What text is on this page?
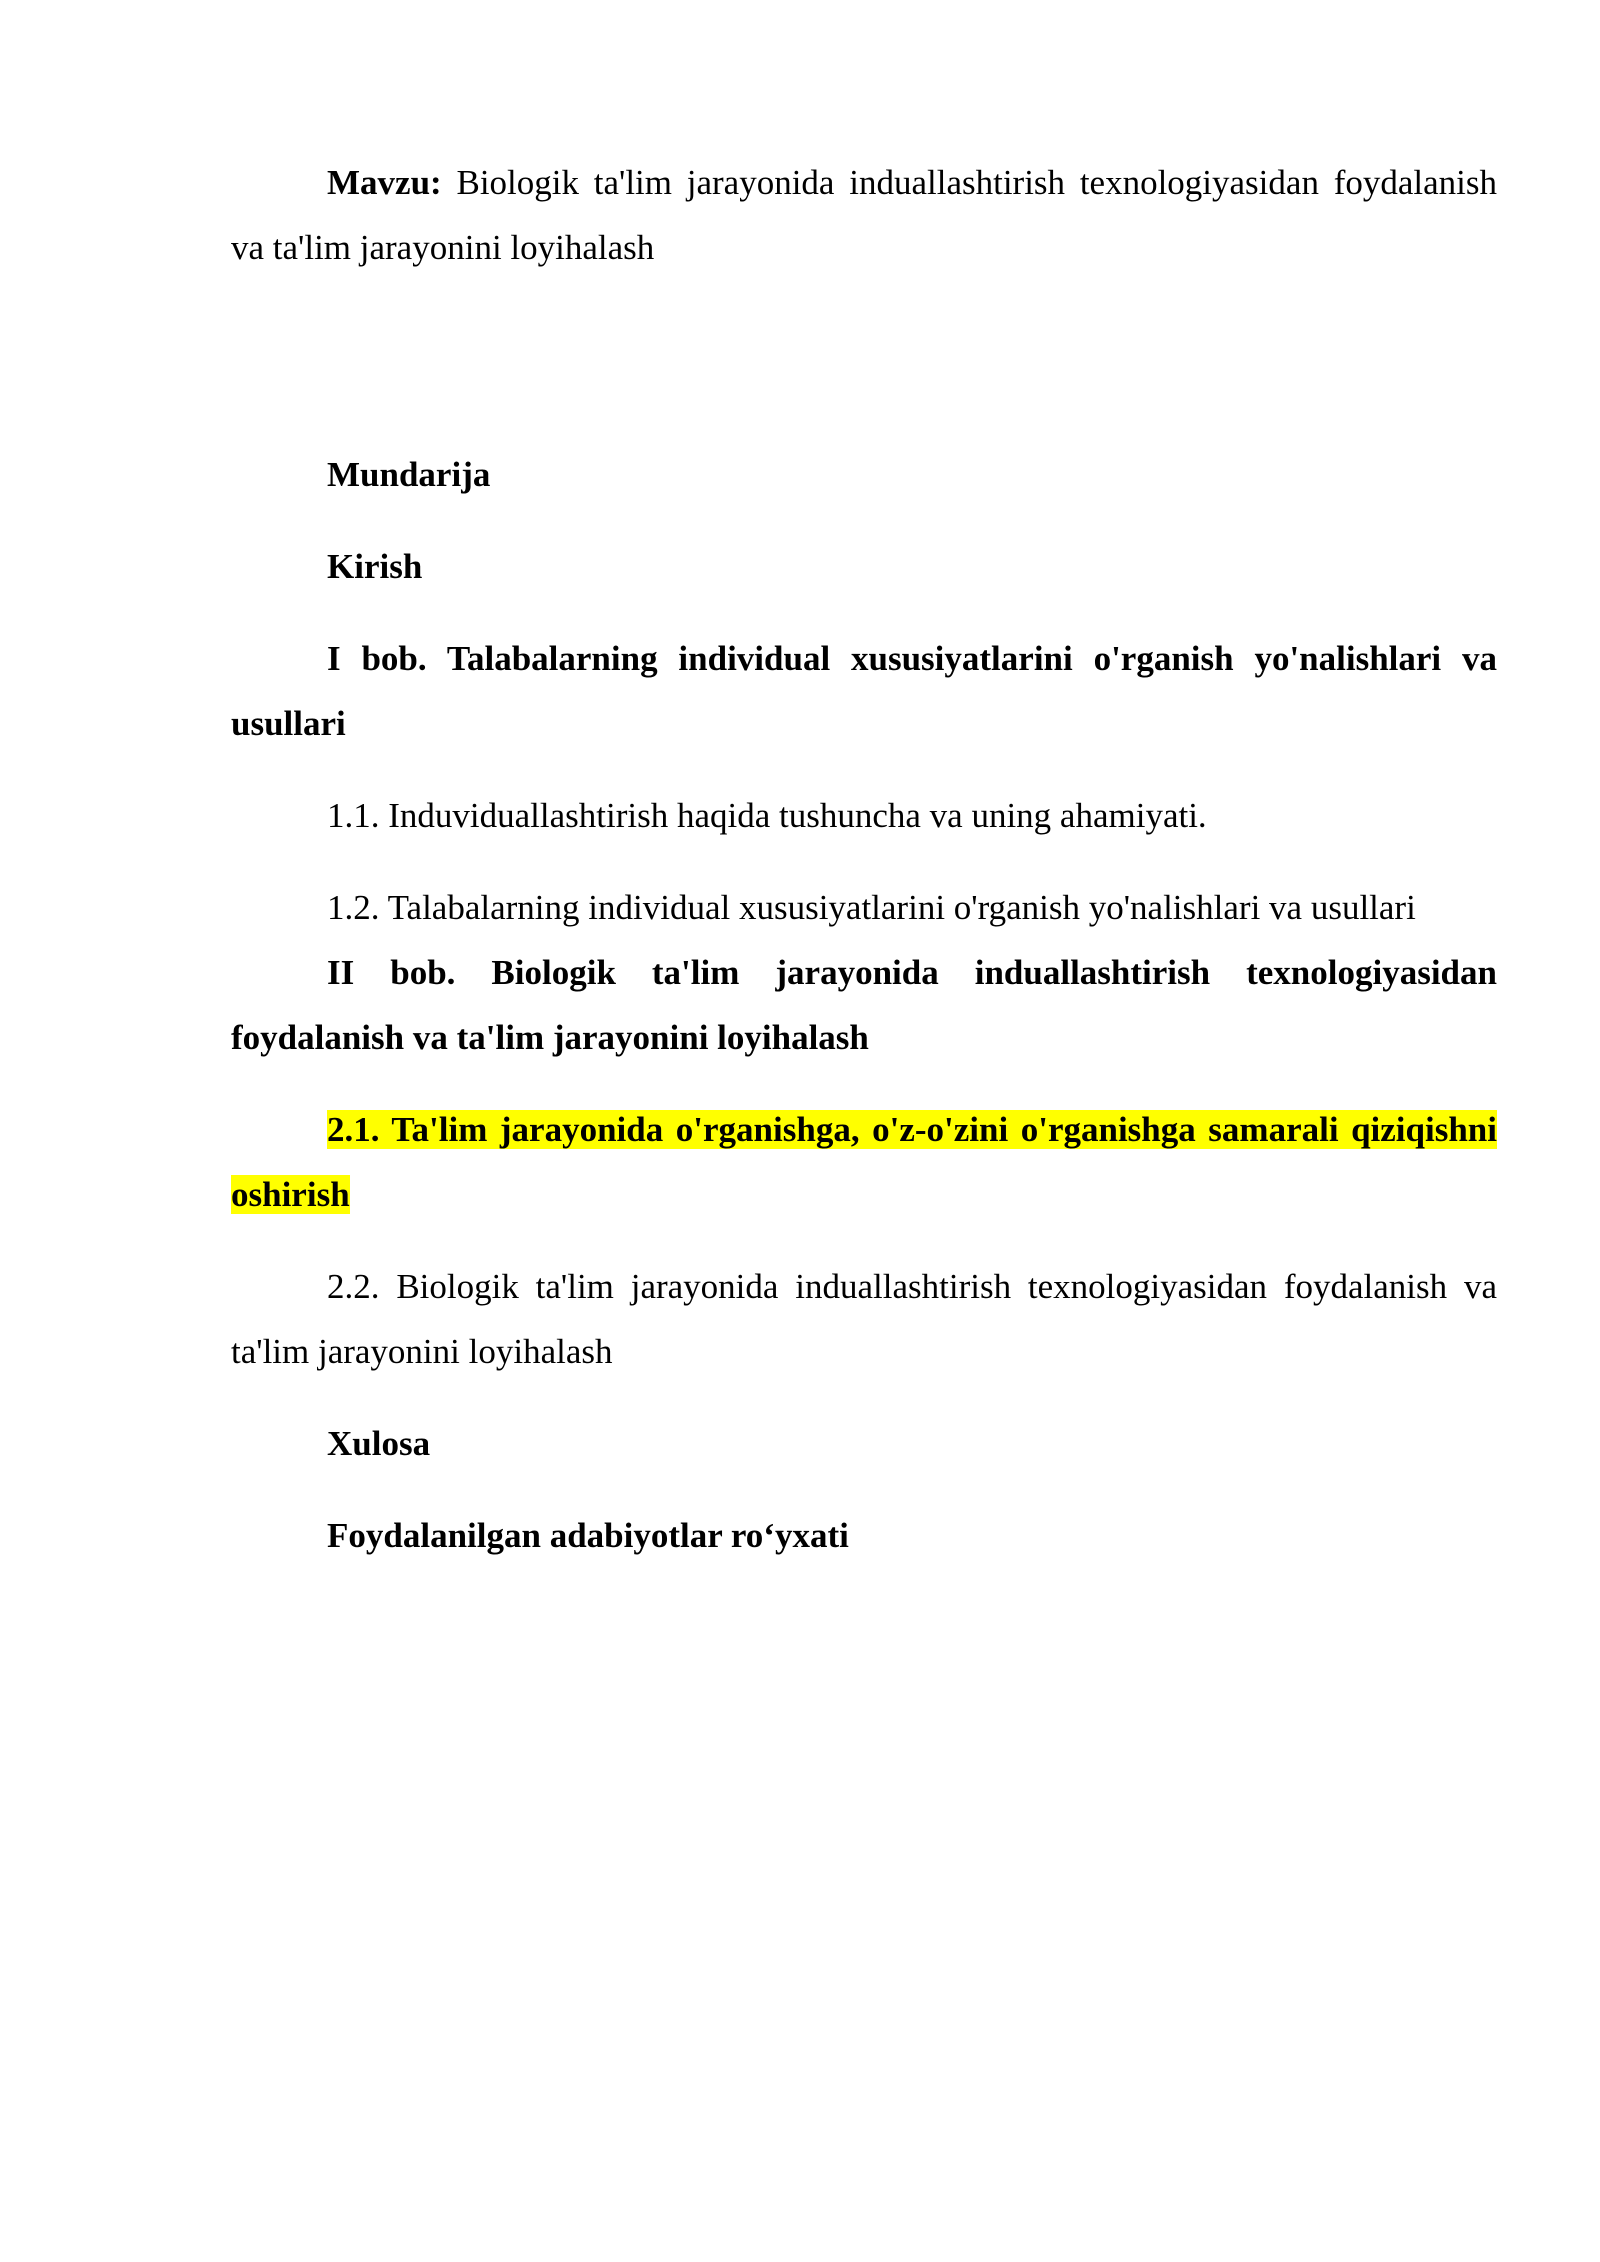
Mavzu: Biologik ta'lim jarayonida induallashtirish texnologiyasidan foydalanish va ta'lim jarayonini loyihalash

Mundarija

Kirish

I bob. Talabalarning individual xususiyatlarini o'rganish yo'nalishlari va usullari

1.1. Induviduallashtirish haqida tushuncha va uning ahamiyati.

1.2. Talabalarning individual xususiyatlarini o'rganish yo'nalishlari va usullari

II bob. Biologik ta'lim jarayonida induallashtirish texnologiyasidan foydalanish va ta'lim jarayonini loyihalash

2.1. Ta'lim jarayonida o'rganishga, o'z-o'zini o'rganishga samarali qiziqishni oshirish

2.2. Biologik ta'lim jarayonida induallashtirish texnologiyasidan foydalanish va ta'lim jarayonini loyihalash

Xulosa

Foydalanilgan adabiyotlar ro‘yxati
